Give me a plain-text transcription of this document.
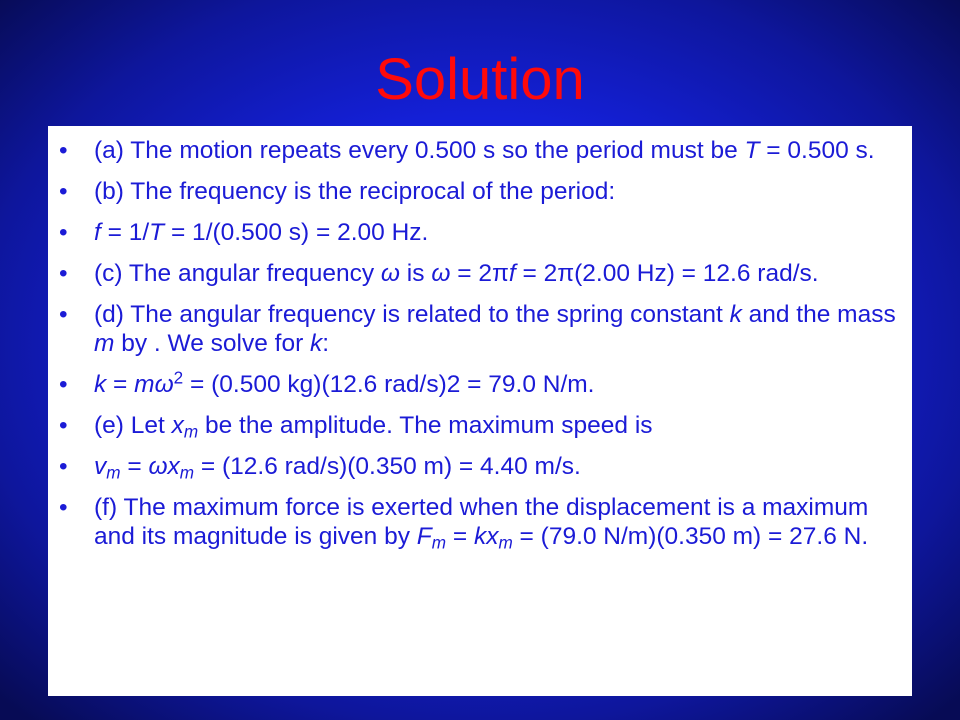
Solution
• (a) The motion repeats every 0.500 s so the period must be T = 0.500 s.
• (b) The frequency is the reciprocal of the period:
• f = 1/T = 1/(0.500 s) = 2.00 Hz.
• (c) The angular frequency ω is ω = 2πf = 2π(2.00 Hz) = 12.6 rad/s.
• (d) The angular frequency is related to the spring constant k and the mass m by . We solve for k:
• $k = m\omega^2 = (0.500$ kg)(12.6 rad/s)2 = 79.0 N/m.
• (e) Let $x_m$ be the amplitude. The maximum speed is
• $v_m = \omega x_m = (12.6$ rad/s)(0.350 m) = 4.40 m/s.
• (f) The maximum force is exerted when the displacement is a maximum and its magnitude is given by $F_m = kx_m = (79.0$ N/m)(0.350 m) = 27.6 N.
